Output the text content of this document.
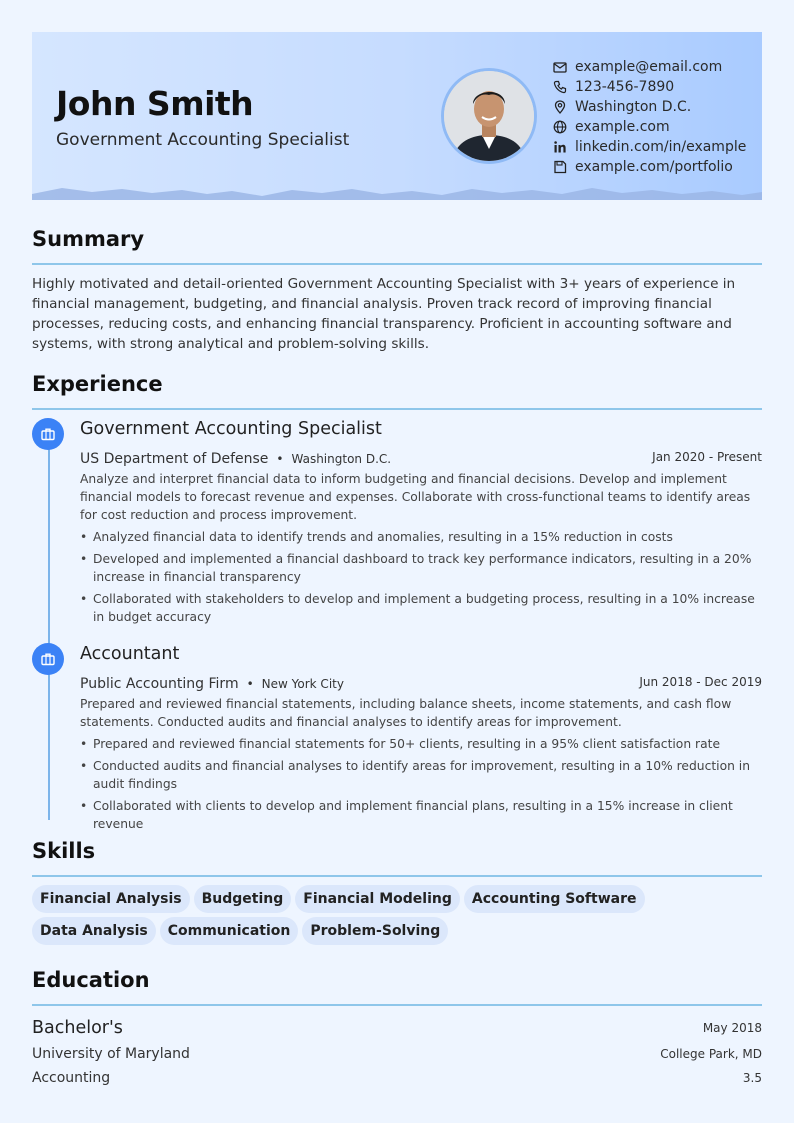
John Smith
Government Accounting Specialist
example@email.com
123-456-7890
Washington D.C.
example.com
linkedin.com/in/example
example.com/portfolio
Summary
Highly motivated and detail-oriented Government Accounting Specialist with 3+ years of experience in financial management, budgeting, and financial analysis. Proven track record of improving financial processes, reducing costs, and enhancing financial transparency. Proficient in accounting software and systems, with strong analytical and problem-solving skills.
Experience
Government Accounting Specialist
US Department of Defense • Washington D.C.	Jan 2020 - Present
Analyze and interpret financial data to inform budgeting and financial decisions. Develop and implement financial models to forecast revenue and expenses. Collaborate with cross-functional teams to identify areas for cost reduction and process improvement.
• Analyzed financial data to identify trends and anomalies, resulting in a 15% reduction in costs
• Developed and implemented a financial dashboard to track key performance indicators, resulting in a 20% increase in financial transparency
• Collaborated with stakeholders to develop and implement a budgeting process, resulting in a 10% increase in budget accuracy
Accountant
Public Accounting Firm • New York City	Jun 2018 - Dec 2019
Prepared and reviewed financial statements, including balance sheets, income statements, and cash flow statements. Conducted audits and financial analyses to identify areas for improvement.
• Prepared and reviewed financial statements for 50+ clients, resulting in a 95% client satisfaction rate
• Conducted audits and financial analyses to identify areas for improvement, resulting in a 10% reduction in audit findings
• Collaborated with clients to develop and implement financial plans, resulting in a 15% increase in client revenue
Skills
Financial Analysis Budgeting Financial Modeling Accounting SoftwareData Analysis Communication Problem-Solving
Education
Bachelor's	May 2018
University of Maryland	College Park, MD
Accounting	3.5
